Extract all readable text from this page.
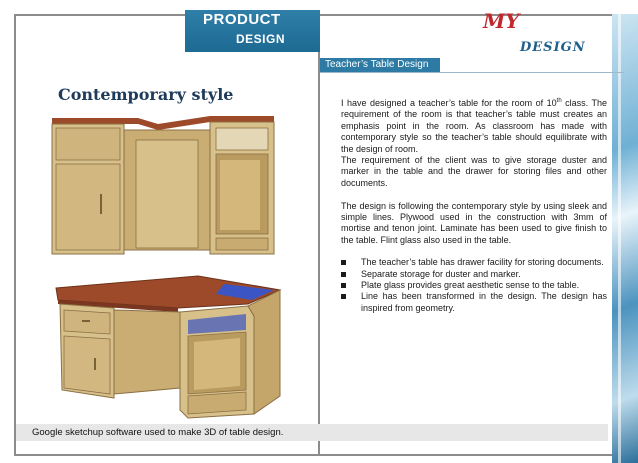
PRODUCT
DESIGN
MY
DESIGN
Teacher’s Table Design
Contemporary style
Google sketchup software used to make 3D of table design.

I have designed a teacher’s table for the room of 10th class. The requirement of the room is that teacher’s table must creates an emphasis point in the room. As classroom has made with contemporary style so the teacher’s table should equilibrate with the design of room.

The requirement of the client was to give storage duster and marker in the table and the drawer for storing files and other documents.

The design is following the contemporary style by using sleek and simple lines. Plywood used in the construction with 3mm of mortise and tenon joint. Laminate has been used to give finish to the table. Flint glass also used in the table.

The teacher’s table has drawer facility for storing documents.
Separate storage for duster and marker.
Plate glass provides great aesthetic sense to the table.
Line has been transformed in the design. The design has inspired from geometry.
